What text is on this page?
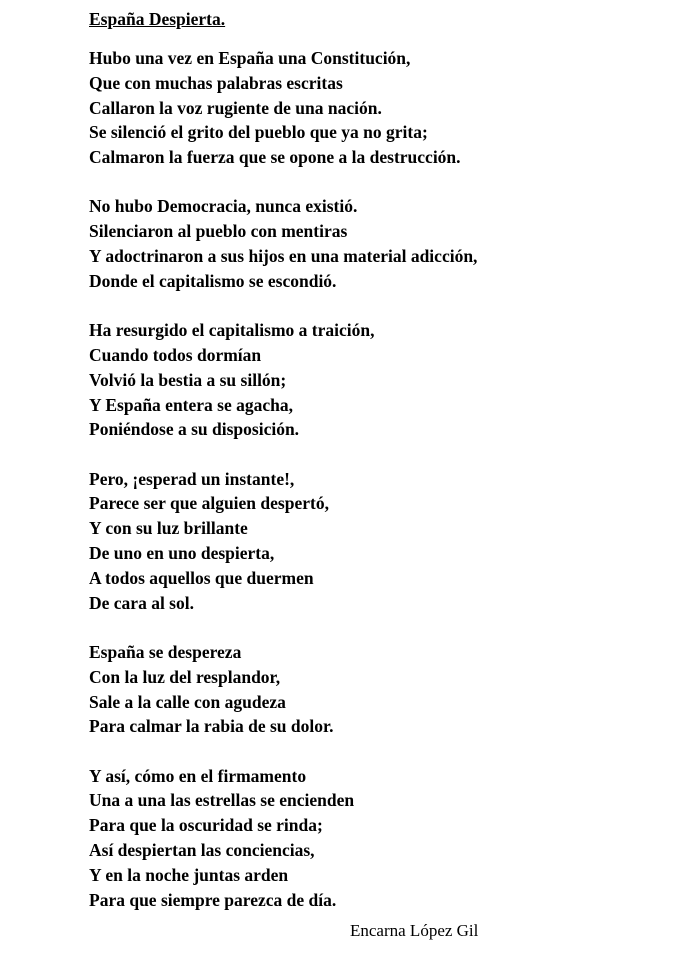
España Despierta.
Hubo una vez en España una Constitución,
Que con muchas palabras escritas
Callaron la voz rugiente de una nación.
Se silenció el grito del pueblo que ya no grita;
Calmaron la fuerza que se opone a la destrucción.
No hubo Democracia, nunca existió.
Silenciaron al pueblo con mentiras
Y adoctrinaron a sus hijos en una material adicción,
Donde el capitalismo se escondió.
Ha resurgido el capitalismo a traición,
Cuando todos dormían
Volvió la bestia a su sillón;
Y España entera se agacha,
Poniéndose a su disposición.
Pero, ¡esperad un instante!,
Parece ser que alguien despertó,
Y con su luz brillante
De uno en uno despierta,
A todos aquellos que duermen
De cara al sol.
España se despereza
Con la luz del resplandor,
Sale a la calle con agudeza
Para calmar la rabia de su dolor.
Y así, cómo en el firmamento
Una a una las estrellas se encienden
Para que la oscuridad se rinda;
Así despiertan las conciencias,
Y en la noche juntas arden
Para que siempre parezca de día.
Encarna López Gil
